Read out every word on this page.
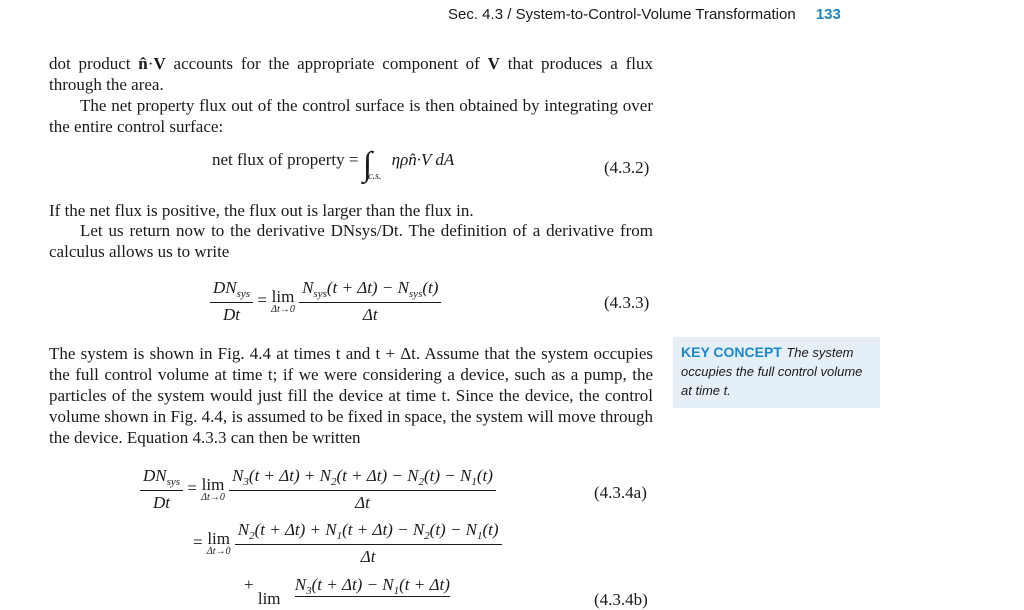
Sec. 4.3 / System-to-Control-Volume Transformation 133
dot product n̂·V accounts for the appropriate component of V that produces a flux through the area.
The net property flux out of the control surface is then obtained by integrating over the entire control surface:
net flux of property = $\int_{c.s.}$ ηρn̂·V dA	(4.3.2)
If the net flux is positive, the flux out is larger than the flux in.
Let us return now to the derivative DNsys/Dt. The definition of a derivative from calculus allows us to write
$\frac{DN_{sys}}{Dt} = \lim$
Δt→0
$\frac{N_{sys}(t + \Delta t) - N_{sys}(t)}{\Delta t}$	(4.3.3)
The system is shown in Fig. 4.4 at times t and t + Δt. Assume that the system occupies the full control volume at time t; if we were considering a device, such as a pump, the particles of the system would just fill the device at time t. Since the device, the control volume shown in Fig. 4.4, is assumed to be fixed in space, the system will move through the device. Equation 4.3.3 can then be written
KEY CONCEPT The system occupies the full control volume at time t.
$\frac{DN_{sys}}{Dt} = \lim$
Δt→0
$\frac{N_3(t + \Delta t) + N_2(t + \Delta t) - N_2(t) - N_1(t)}{\Delta t}$	(4.3.4a)
= lim
Δt→0
$\frac{N_2(t + \Delta t) + N_1(t + \Delta t) - N_2(t) - N_1(t)}{\Delta t}$
+ $\lim N_3(t + \Delta t) - N_1(t + \Delta t)$
(4.3.4b)
